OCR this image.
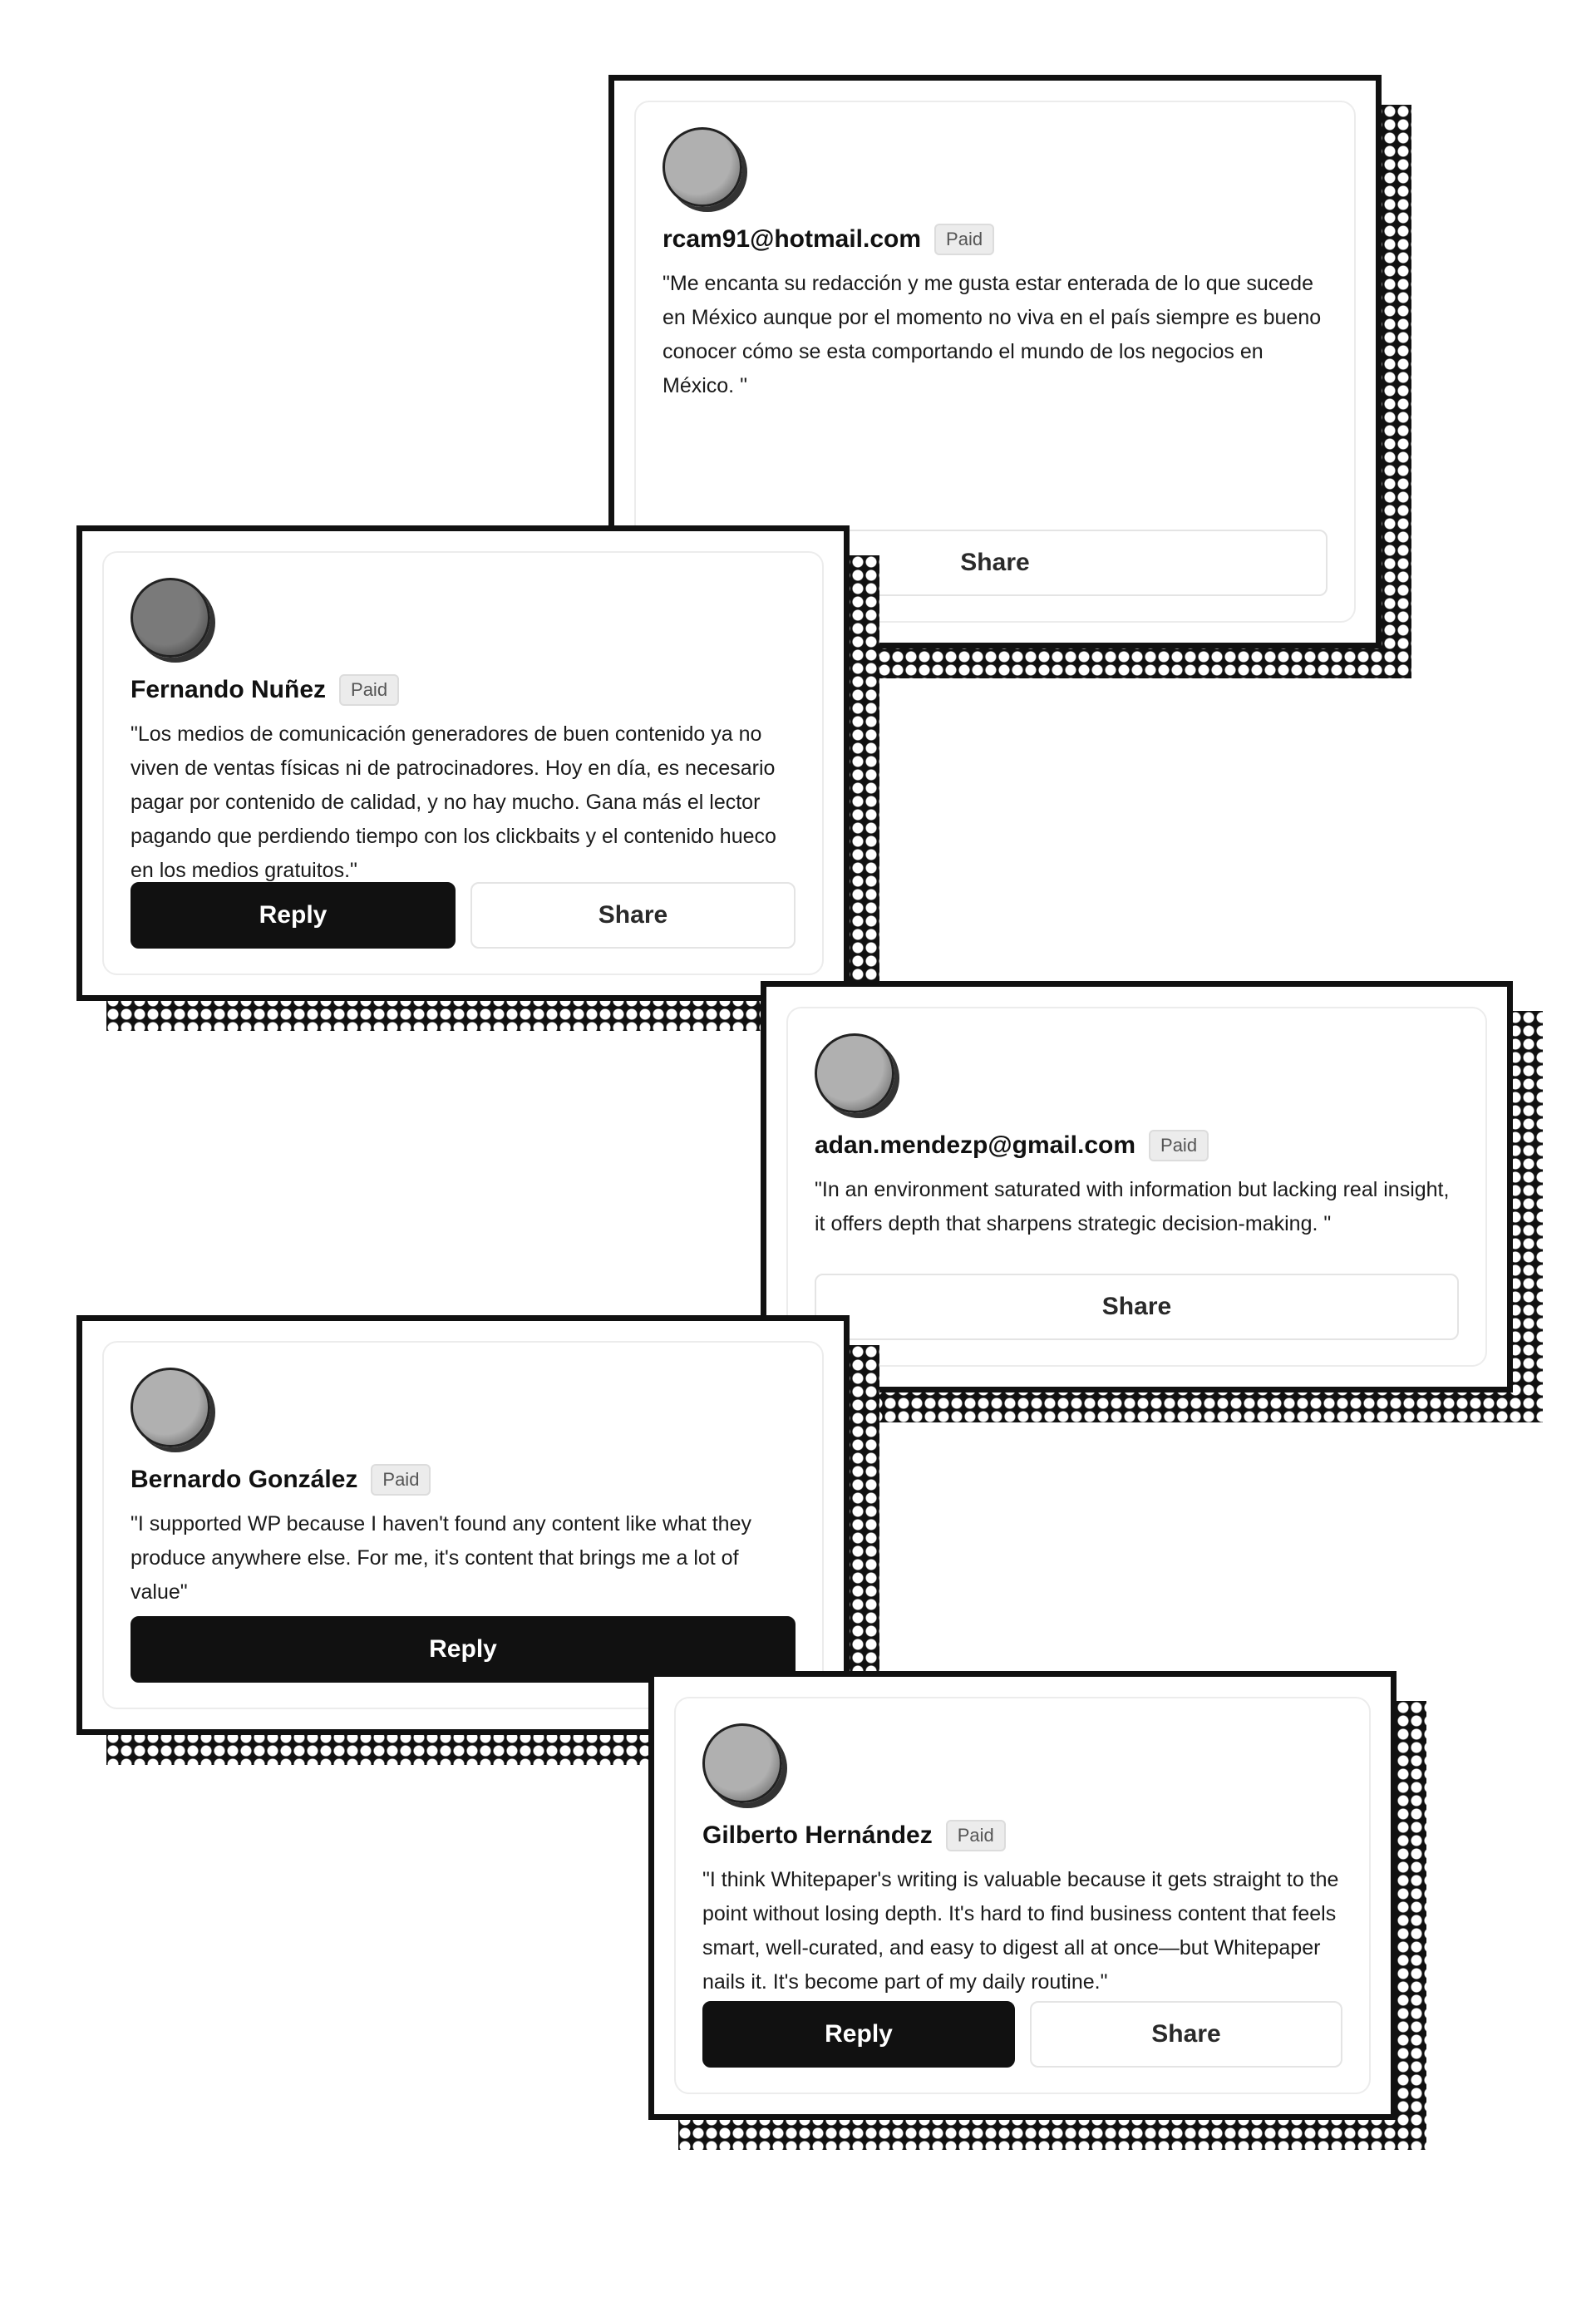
rcam91@hotmail.com	Paid
"Me encanta su redacción y me gusta estar enterada de lo que sucede en México aunque por el momento no viva en el país siempre es bueno conocer cómo se esta comportando el mundo de los negocios en México. "
Share
Fernando Nuñez	Paid
"Los medios de comunicación generadores de buen contenido ya no viven de ventas físicas ni de patrocinadores. Hoy en día, es necesario pagar por contenido de calidad, y no hay mucho. Gana más el lector pagando que perdiendo tiempo con los clickbaits y el contenido hueco en los medios gratuitos."
Reply	Share
adan.mendezp@gmail.com	Paid
"In an environment saturated with information but lacking real insight, it offers depth that sharpens strategic decision-making. "
Share
Bernardo González	Paid
"I supported WP because I haven't found any content like what they produce anywhere else. For me, it's content that brings me a lot of value"
Reply
Gilberto Hernández	Paid
"I think Whitepaper's writing is valuable because it gets straight to the point without losing depth. It's hard to find business content that feels smart, well-curated, and easy to digest all at once—but Whitepaper nails it. It's become part of my daily routine."
Reply	Share
